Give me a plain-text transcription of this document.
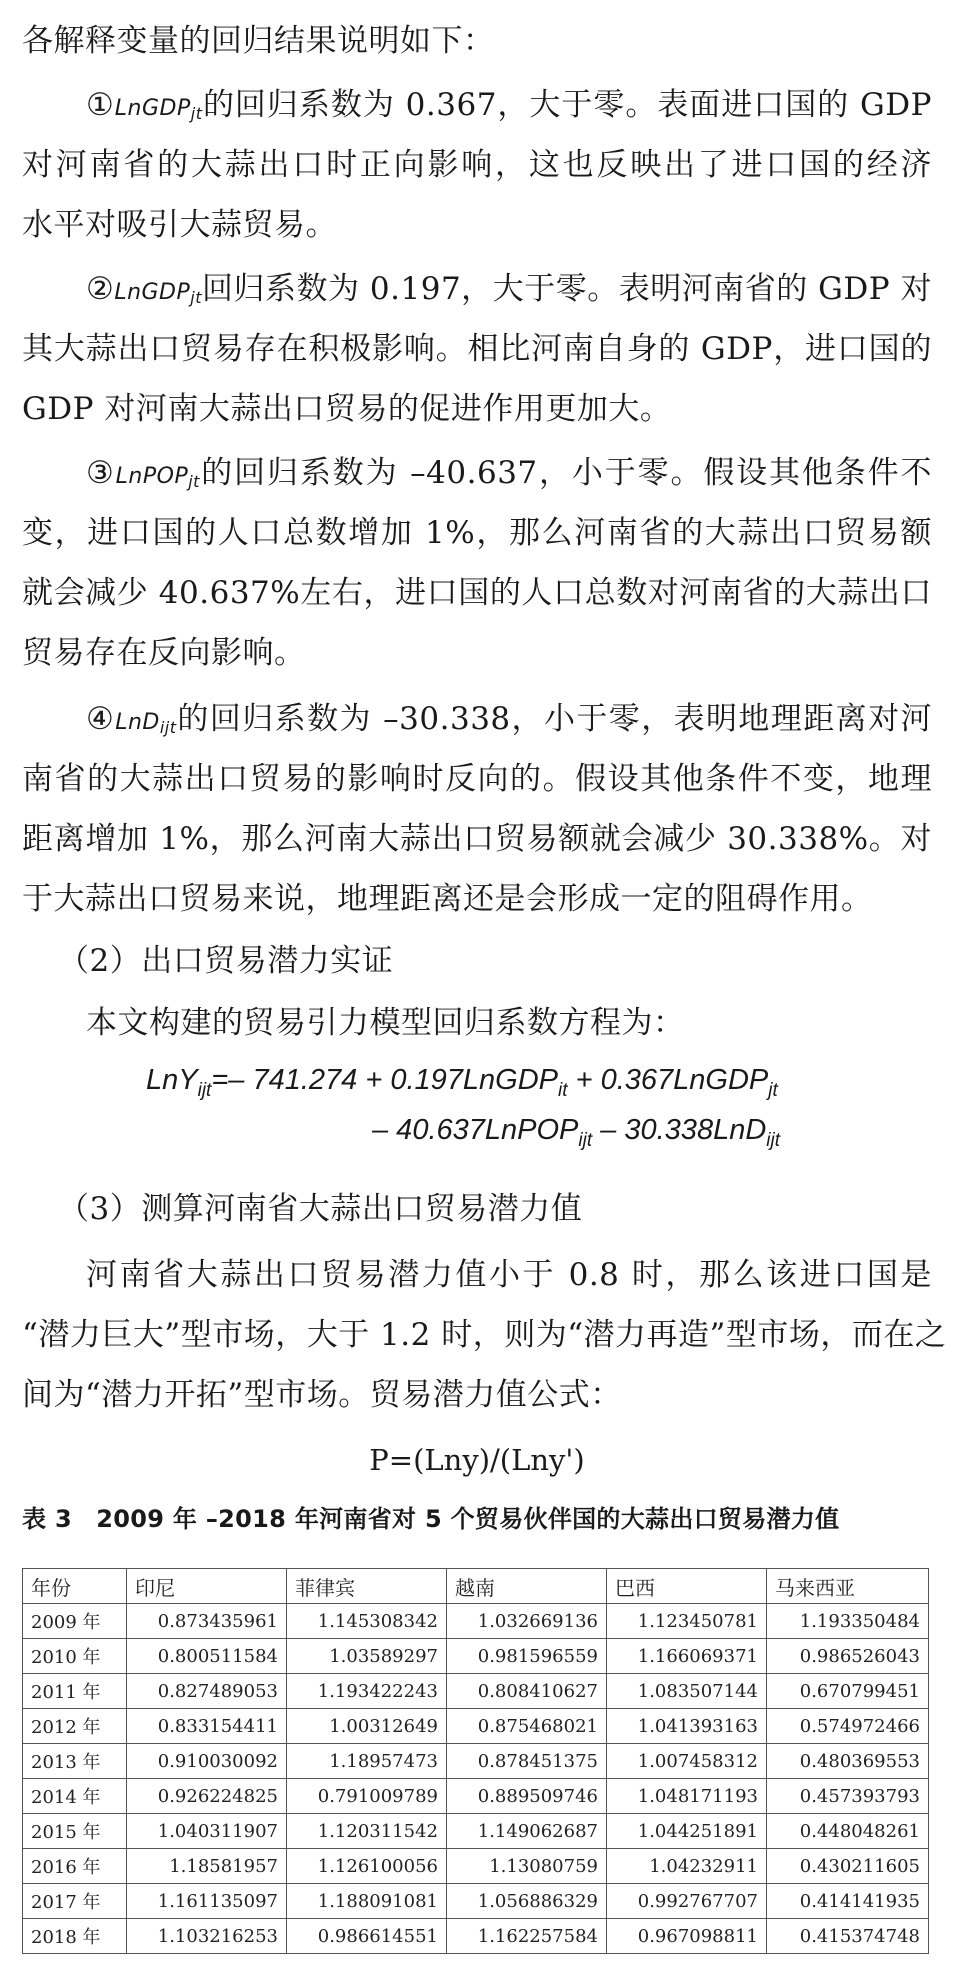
各解释变量的回归结果说明如下：
①LnGDP$_{jt}$的回归系数为 0.367，大于零。表面进口国的 GDP
对河南省的大蒜出口时正向影响，这也反映出了进口国的经济
水平对吸引大蒜贸易。
②LnGDP$_{jt}$回归系数为 0.197，大于零。表明河南省的 GDP 对
其大蒜出口贸易存在积极影响。相比河南自身的 GDP，进口国的
GDP 对河南大蒜出口贸易的促进作用更加大。
③LnPOP$_{jt}$的回归系数为 –40.637，小于零。假设其他条件不
变，进口国的人口总数增加 1%，那么河南省的大蒜出口贸易额
就会减少 40.637%左右，进口国的人口总数对河南省的大蒜出口
贸易存在反向影响。
④LnD$_{ijt}$的回归系数为 –30.338，小于零，表明地理距离对河
南省的大蒜出口贸易的影响时反向的。假设其他条件不变，地理
距离增加 1%，那么河南大蒜出口贸易额就会减少 30.338%。对
于大蒜出口贸易来说，地理距离还是会形成一定的阻碍作用。
（2）出口贸易潜力实证
本文构建的贸易引力模型回归系数方程为：
LnY$_{ijt}$=– 741.274 + 0.197LnGDP$_{it}$ + 0.367LnGDP$_{jt}$
– 40.637LnPOP$_{ijt}$ – 30.338LnD$_{ijt}$
（3）测算河南省大蒜出口贸易潜力值
河南省大蒜出口贸易潜力值小于 0.8 时，那么该进口国是
“潜力巨大”型市场，大于 1.2 时，则为“潜力再造”型市场，而在之
间为“潜力开拓”型市场。贸易潜力值公式：
P=(Lny)/(Lny')
表 3　2009 年 –2018 年河南省对 5 个贸易伙伴国的大蒜出口贸易潜力值
年份	印尼	菲律宾	越南	巴西	马来西亚
2009 年	0.873435961	1.145308342	1.032669136	1.123450781	1.193350484
2010 年	0.800511584	1.03589297	0.981596559	1.166069371	0.986526043
2011 年	0.827489053	1.193422243	0.808410627	1.083507144	0.670799451
2012 年	0.833154411	1.00312649	0.875468021	1.041393163	0.574972466
2013 年	0.910030092	1.18957473	0.878451375	1.007458312	0.480369553
2014 年	0.926224825	0.791009789	0.889509746	1.048171193	0.457393793
2015 年	1.040311907	1.120311542	1.149062687	1.044251891	0.448048261
2016 年	1.18581957	1.126100056	1.13080759	1.04232911	0.430211605
2017 年	1.161135097	1.188091081	1.056886329	0.992767707	0.414141935
2018 年	1.103216253	0.986614551	1.162257584	0.967098811	0.415374748
